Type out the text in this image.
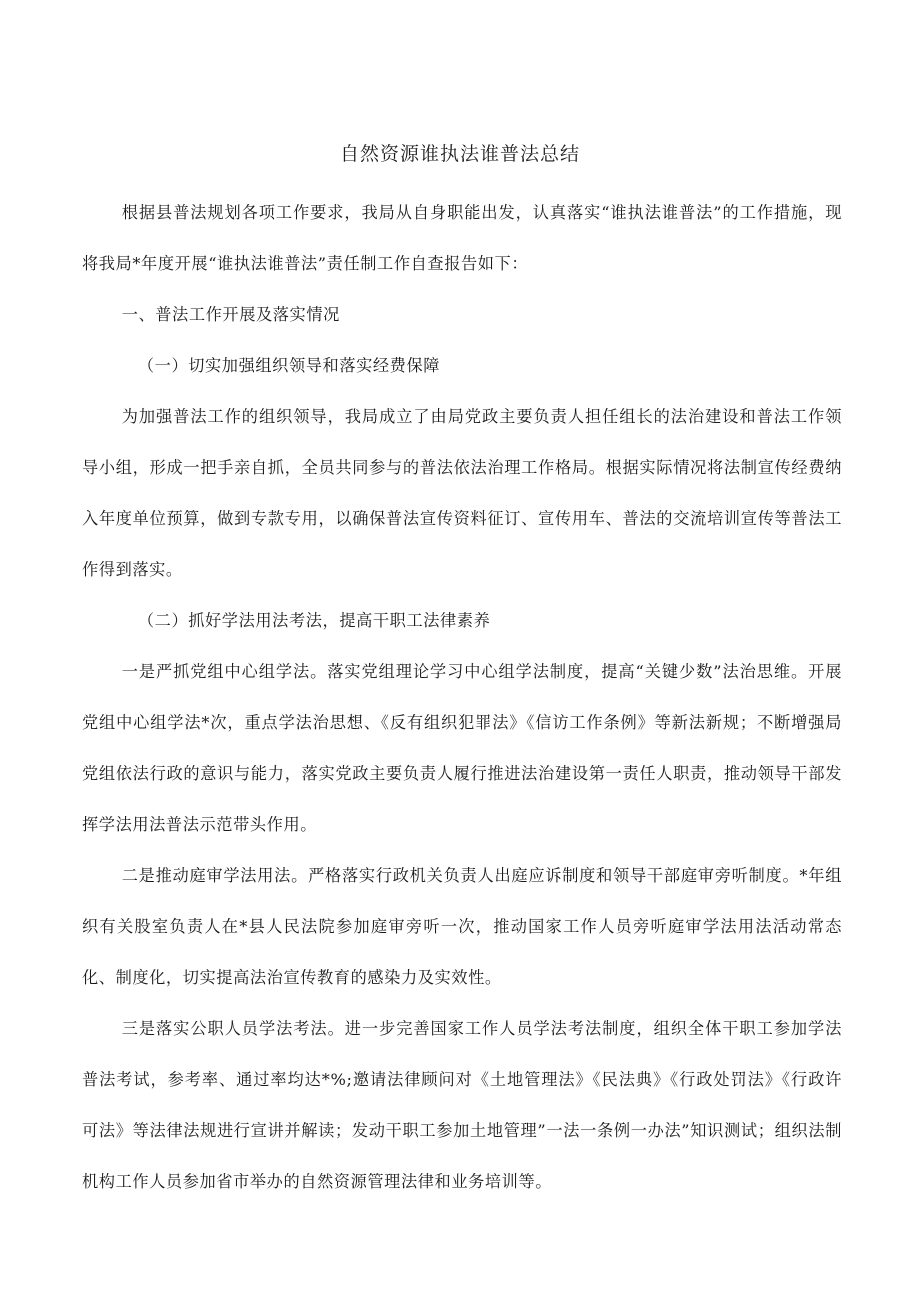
自然资源谁执法谁普法总结

根据县普法规划各项工作要求，我局从自身职能出发，认真落实“谁执法谁普法”的工作措施，现将我局*年度开展“谁执法谁普法”责任制工作自查报告如下：

一、普法工作开展及落实情况

（一）切实加强组织领导和落实经费保障

为加强普法工作的组织领导，我局成立了由局党政主要负责人担任组长的法治建设和普法工作领导小组，形成一把手亲自抓，全员共同参与的普法依法治理工作格局。根据实际情况将法制宣传经费纳入年度单位预算，做到专款专用，以确保普法宣传资料征订、宣传用车、普法的交流培训宣传等普法工作得到落实。

（二）抓好学法用法考法，提高干职工法律素养

一是严抓党组中心组学法。落实党组理论学习中心组学法制度，提高“关键少数”法治思维。开展党组中心组学法*次，重点学法治思想、《反有组织犯罪法》《信访工作条例》等新法新规；不断增强局党组依法行政的意识与能力，落实党政主要负责人履行推进法治建设第一责任人职责，推动领导干部发挥学法用法普法示范带头作用。

二是推动庭审学法用法。严格落实行政机关负责人出庭应诉制度和领导干部庭审旁听制度。*年组织有关股室负责人在*县人民法院参加庭审旁听一次，推动国家工作人员旁听庭审学法用法活动常态化、制度化，切实提高法治宣传教育的感染力及实效性。

三是落实公职人员学法考法。进一步完善国家工作人员学法考法制度，组织全体干职工参加学法普法考试，参考率、通过率均达*%;邀请法律顾问对《土地管理法》《民法典》《行政处罚法》《行政许可法》等法律法规进行宣讲并解读；发动干职工参加土地管理”一法一条例一办法”知识测试；组织法制机构工作人员参加省市举办的自然资源管理法律和业务培训等。
